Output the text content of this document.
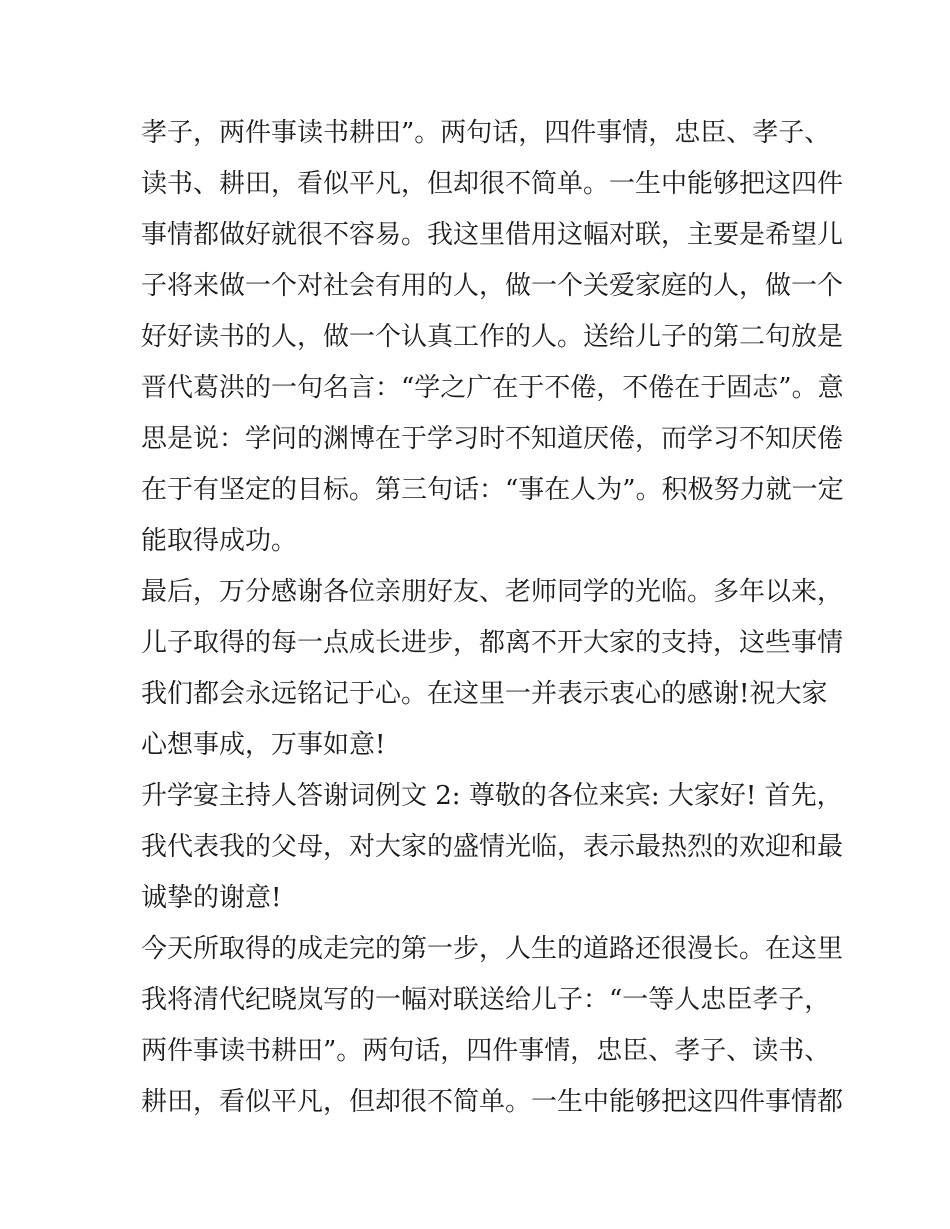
孝子，两件事读书耕田”。两句话，四件事情，忠臣、孝子、
读书、耕田，看似平凡，但却很不简单。一生中能够把这四件
事情都做好就很不容易。我这里借用这幅对联，主要是希望儿
子将来做一个对社会有用的人，做一个关爱家庭的人，做一个
好好读书的人，做一个认真工作的人。送给儿子的第二句放是
晋代葛洪的一句名言：“学之广在于不倦，不倦在于固志”。意
思是说：学问的渊博在于学习时不知道厌倦，而学习不知厌倦
在于有坚定的目标。第三句话：“事在人为”。积极努力就一定
能取得成功。
最后，万分感谢各位亲朋好友、老师同学的光临。多年以来，
儿子取得的每一点成长进步，都离不开大家的支持，这些事情
我们都会永远铭记于心。在这里一并表示衷心的感谢!祝大家
心想事成，万事如意!
升学宴主持人答谢词例文 2: 尊敬的各位来宾: 大家好! 首先，
我代表我的父母，对大家的盛情光临，表示最热烈的欢迎和最
诚挚的谢意!
今天所取得的成走完的第一步，人生的道路还很漫长。在这里
我将清代纪晓岚写的一幅对联送给儿子：“一等人忠臣孝子，
两件事读书耕田”。两句话，四件事情，忠臣、孝子、读书、
耕田，看似平凡，但却很不简单。一生中能够把这四件事情都
